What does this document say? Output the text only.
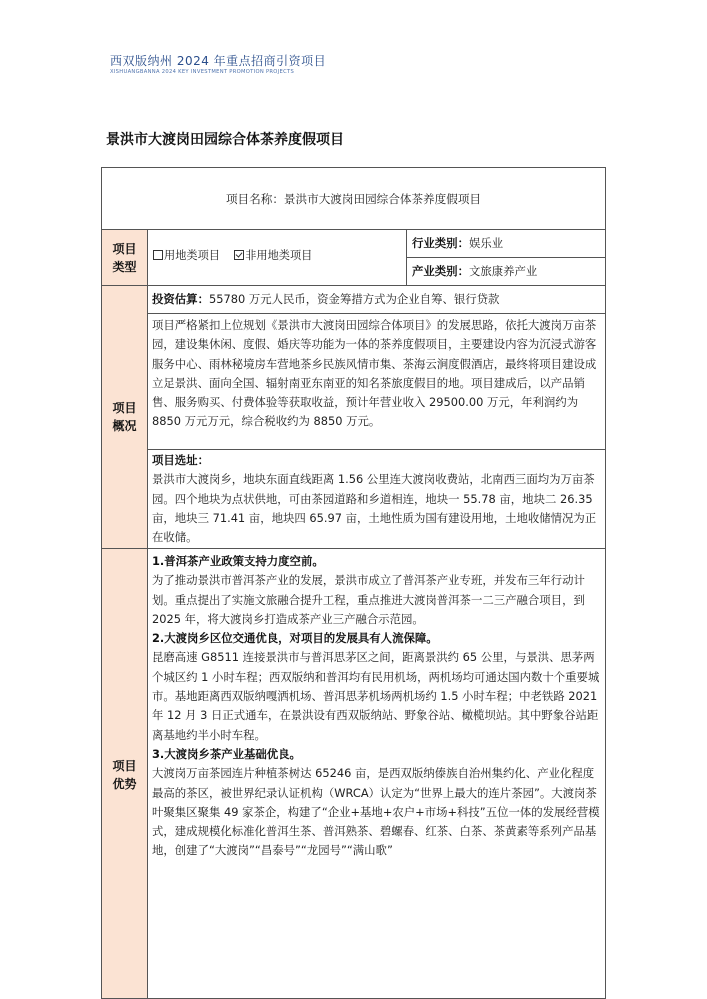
西双版纳州 2024 年重点招商引资项目
XISHUANGBANNA 2024 KEY INVESTMENT PROMOTION PROJECTS
景洪市大渡岗田园综合体茶养度假项目
项目名称：景洪市大渡岗田园综合体茶养度假项目
项目
类型
用地类项目 非用地类项目
行业类别：娱乐业
产业类别：文旅康养产业
项目
概况
投资估算：55780 万元人民币，资金筹措方式为企业自筹、银行贷款

项目严格紧扣上位规划《景洪市大渡岗田园综合体项目》的发展思路，依托大渡岗万亩茶园，建设集休闲、度假、婚庆等功能为一体的茶养度假项目，主要建设内容为沉浸式游客服务中心、雨林秘境房车营地茶乡民族风情市集、茶海云涧度假酒店，最终将项目建设成立足景洪、面向全国、辐射南亚东南亚的知名茶旅度假目的地。项目建成后，以产品销售、服务购买、付费体验等获取收益，预计年营业收入 29500.00 万元，年利润约为 8850 万元万元，综合税收约为 8850 万元。

项目选址：

景洪市大渡岗乡，地块东面直线距离 1.56 公里连大渡岗收费站，北南西三面均为万亩茶园。四个地块为点状供地，可由茶园道路和乡道相连，地块一 55.78 亩，地块二 26.35 亩，地块三 71.41 亩，地块四 65.97 亩，土地性质为国有建设用地，土地收储情况为正在收储。

项目
优势

1.普洱茶产业政策支持力度空前。

为了推动景洪市普洱茶产业的发展，景洪市成立了普洱茶产业专班，并发布三年行动计划。重点提出了实施文旅融合提升工程，重点推进大渡岗普洱茶一二三产融合项目，到 2025 年，将大渡岗乡打造成茶产业三产融合示范园。

2.大渡岗乡区位交通优良，对项目的发展具有人流保障。

昆磨高速 G8511 连接景洪市与普洱思茅区之间，距离景洪约 65 公里，与景洪、思茅两个城区约 1 小时车程；西双版纳和普洱均有民用机场，两机场均可通达国内数十个重要城市。基地距离西双版纳嘎洒机场、普洱思茅机场两机场约 1.5 小时车程；中老铁路 2021 年 12 月 3 日正式通车，在景洪设有西双版纳站、野象谷站、橄榄坝站。其中野象谷站距离基地约半小时车程。

3.大渡岗乡茶产业基础优良。

大渡岗万亩茶园连片种植茶树达 65246 亩，是西双版纳傣族自治州集约化、产业化程度最高的茶区，被世界纪录认证机构（WRCA）认定为“世界上最大的连片茶园”。大渡岗茶叶聚集区聚集 49 家茶企，构建了“企业+基地+农户+市场+科技”五位一体的发展经营模式，建成规模化标准化普洱生茶、普洱熟茶、碧螺春、红茶、白茶、茶黄素等系列产品基地，创建了“大渡岗”“昌泰号”“龙园号”“满山歌”
